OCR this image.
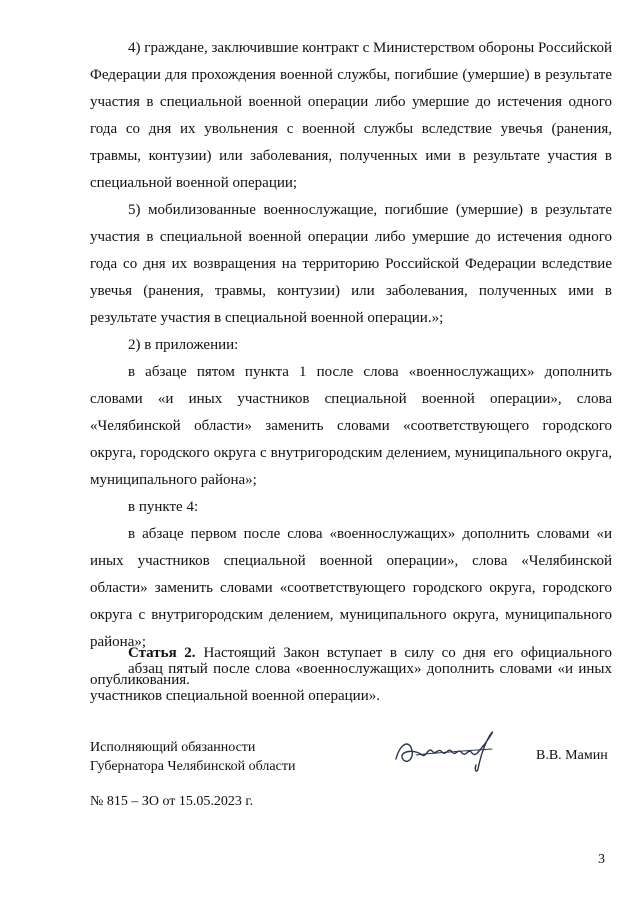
4) граждане, заключившие контракт с Министерством обороны Российской Федерации для прохождения военной службы, погибшие (умершие) в результате участия в специальной военной операции либо умершие до истечения одного года со дня их увольнения с военной службы вследствие увечья (ранения, травмы, контузии) или заболевания, полученных ими в результате участия в специальной военной операции;

5) мобилизованные военнослужащие, погибшие (умершие) в результате участия в специальной военной операции либо умершие до истечения одного года со дня их возвращения на территорию Российской Федерации вследствие увечья (ранения, травмы, контузии) или заболевания, полученных ими в результате участия в специальной военной операции.»;

2) в приложении:

в абзаце пятом пункта 1 после слова «военнослужащих» дополнить словами «и иных участников специальной военной операции», слова «Челябинской области» заменить словами «соответствующего городского округа, городского округа с внутригородским делением, муниципального округа, муниципального района»;

в пункте 4:

в абзаце первом после слова «военнослужащих» дополнить словами «и иных участников специальной военной операции», слова «Челябинской области» заменить словами «соответствующего городского округа, городского округа с внутригородским делением, муниципального округа, муниципального района»;

абзац пятый после слова «военнослужащих» дополнить словами «и иных участников специальной военной операции».

Статья 2. Настоящий Закон вступает в силу со дня его официального опубликования.

Исполняющий обязанности
Губернатора Челябинской области
В.В. Мамин
№ 815 – ЗО от 15.05.2023 г.
3
